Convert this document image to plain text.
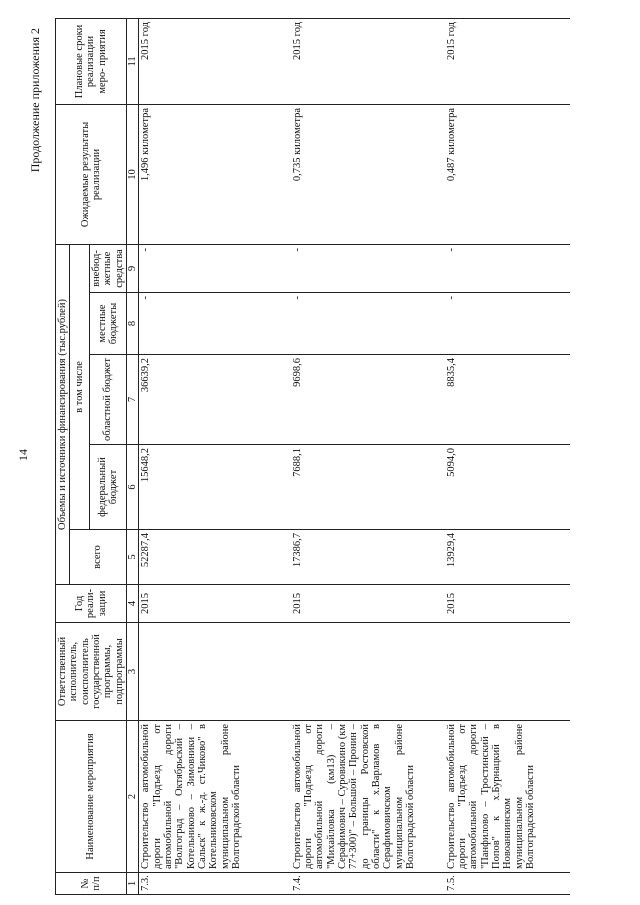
14
Продолжение приложения 2
№ п/п	Наименование мероприятия	Ответственный исполнитель, соисполнитель государственной программы, подпрограммы	Год реали- зации	Объемы и источники финансирования (тыс.рублей)					Ожидаемые результаты реализации	Плановые сроки реализации меро- приятия
				всего	в том числе					
					федеральный бюджет	областной бюджет	местные бюджеты	внебюд- жетные средства		
1	2	3	4	5	6	7	8	9	10	11
7.3.	Строительство автомобильной дороги "Подъезд от автомобильной дороги "Волгоград – Октябрьский – Котельниково – Зимовники – Сальск" к ж.-д. ст.Чиково" в Котельниковском муниципальном районе Волгоградской области		2015	52287,4	15648,2	36639,2	-	-	1,496 километра	2015 год
7.4.	Строительство автомобильной дороги "Подъезд от автомобильной дороги "Михайловка (км13) – Серафимович – Суровикино (км 77+300)" – Большой – Пронин – до границы Ростовской области" к х.Варламов в Серафимовичском муниципальном районе Волгоградской области		2015	17386,7	7688,1	9698,6	-	-	0,735 километра	2015 год
7.5.	Строительство автомобильной дороги "Подъезд от автомобильной дороги "Панфилово – Тростинский – Попов" к х.Бурнацкий в Новоаннинском муниципальном районе Волгоградской области		2015	13929,4	5094,0	8835,4	-	-	0,487 километра	2015 год
